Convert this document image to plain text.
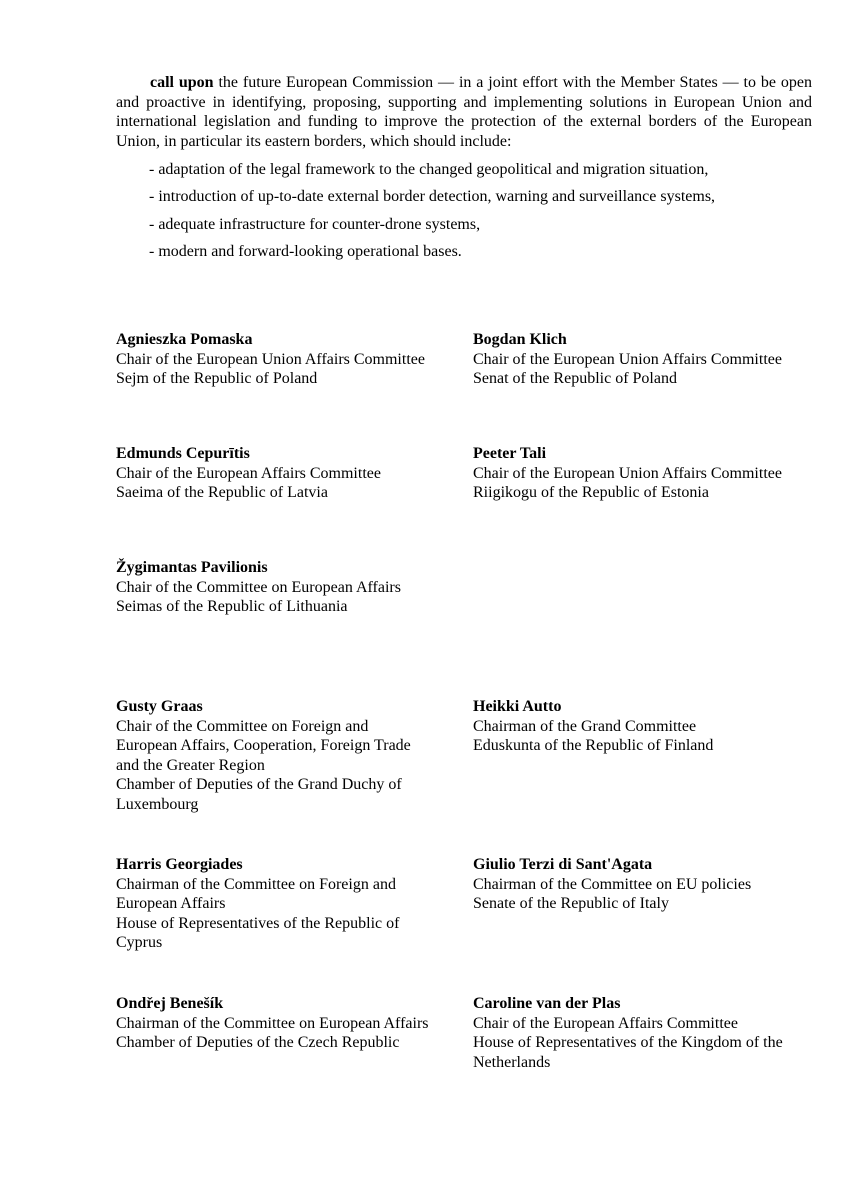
call upon the future European Commission — in a joint effort with the Member States — to be open and proactive in identifying, proposing, supporting and implementing solutions in European Union and international legislation and funding to improve the protection of the external borders of the European Union, in particular its eastern borders, which should include:

- adaptation of the legal framework to the changed geopolitical and migration situation,
- introduction of up-to-date external border detection, warning and surveillance systems,
- adequate infrastructure for counter-drone systems,
- modern and forward-looking operational bases.
Agnieszka Pomaska
Chair of the European Union Affairs Committee
Sejm of the Republic of Poland
Bogdan Klich
Chair of the European Union Affairs Committee
Senat of the Republic of Poland
Edmunds Cepurītis
Chair of the European Affairs Committee
Saeima of the Republic of Latvia
Peeter Tali
Chair of the European Union Affairs Committee
Riigikogu of the Republic of Estonia
Žygimantas Pavilionis
Chair of the Committee on European Affairs
Seimas of the Republic of Lithuania
Gusty Graas
Chair of the Committee on Foreign and
European Affairs, Cooperation, Foreign Trade
and the Greater Region
Chamber of Deputies of the Grand Duchy of
Luxembourg
Heikki Autto
Chairman of the Grand Committee
Eduskunta of the Republic of Finland
Harris Georgiades
Chairman of the Committee on Foreign and
European Affairs
House of Representatives of the Republic of
Cyprus
Giulio Terzi di Sant'Agata
Chairman of the Committee on EU policies
Senate of the Republic of Italy
Ondřej Benešík
Chairman of the Committee on European Affairs
Chamber of Deputies of the Czech Republic
Caroline van der Plas
Chair of the European Affairs Committee
House of Representatives of the Kingdom of the
Netherlands
